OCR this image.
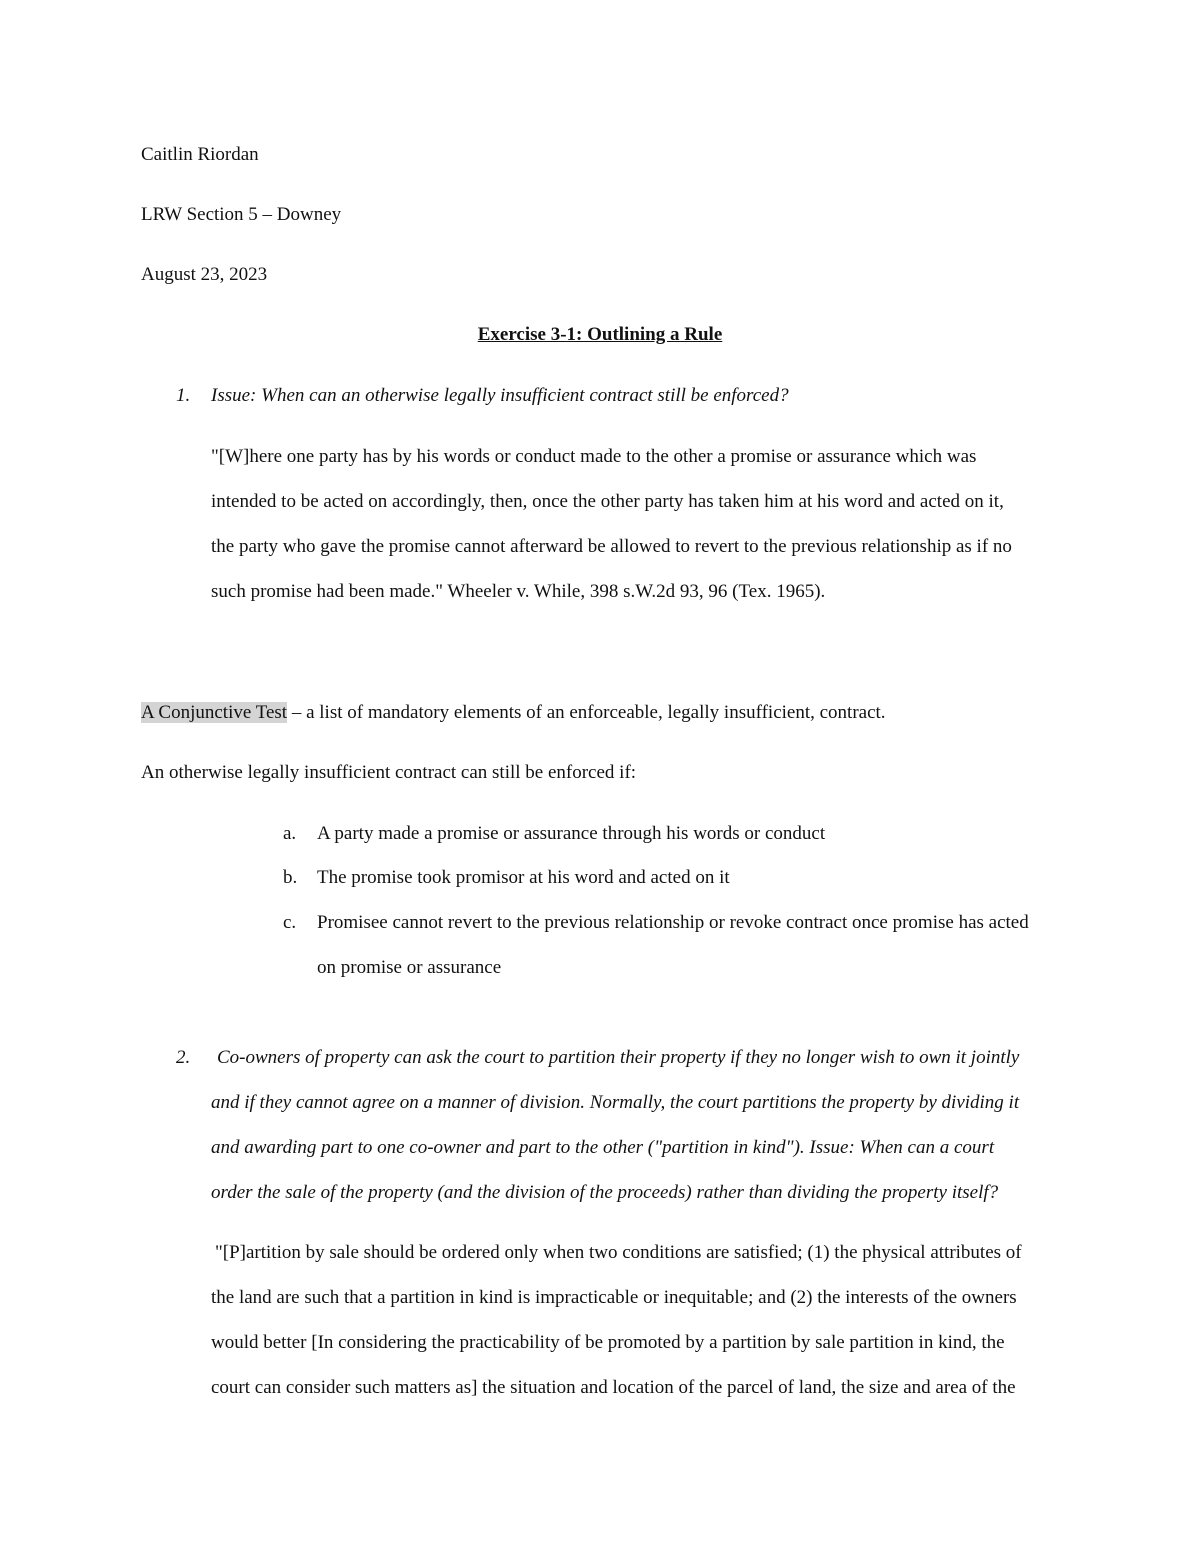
Caitlin Riordan
LRW Section 5 – Downey
August 23, 2023
Exercise 3-1: Outlining a Rule
1. Issue: When can an otherwise legally insufficient contract still be enforced?
"[W]here one party has by his words or conduct made to the other a promise or assurance which was
intended to be acted on accordingly, then, once the other party has taken him at his word and acted on it,
the party who gave the promise cannot afterward be allowed to revert to the previous relationship as if no
such promise had been made." Wheeler v. While, 398 s.W.2d 93, 96 (Tex. 1965).
A Conjunctive Test – a list of mandatory elements of an enforceable, legally insufficient, contract.
An otherwise legally insufficient contract can still be enforced if:
a. A party made a promise or assurance through his words or conduct
b. The promise took promisor at his word and acted on it
c. Promisee cannot revert to the previous relationship or revoke contract once promise has acted
on promise or assurance
2. Co-owners of property can ask the court to partition their property if they no longer wish to own it jointly
and if they cannot agree on a manner of division. Normally, the court partitions the property by dividing it
and awarding part to one co-owner and part to the other ("partition in kind"). Issue: When can a court
order the sale of the property (and the division of the proceeds) rather than dividing the property itself?
"[P]artition by sale should be ordered only when two conditions are satisfied; (1) the physical attributes of
the land are such that a partition in kind is impracticable or inequitable; and (2) the interests of the owners
would better [In considering the practicability of be promoted by a partition by sale partition in kind, the
court can consider such matters as] the situation and location of the parcel of land, the size and area of the
